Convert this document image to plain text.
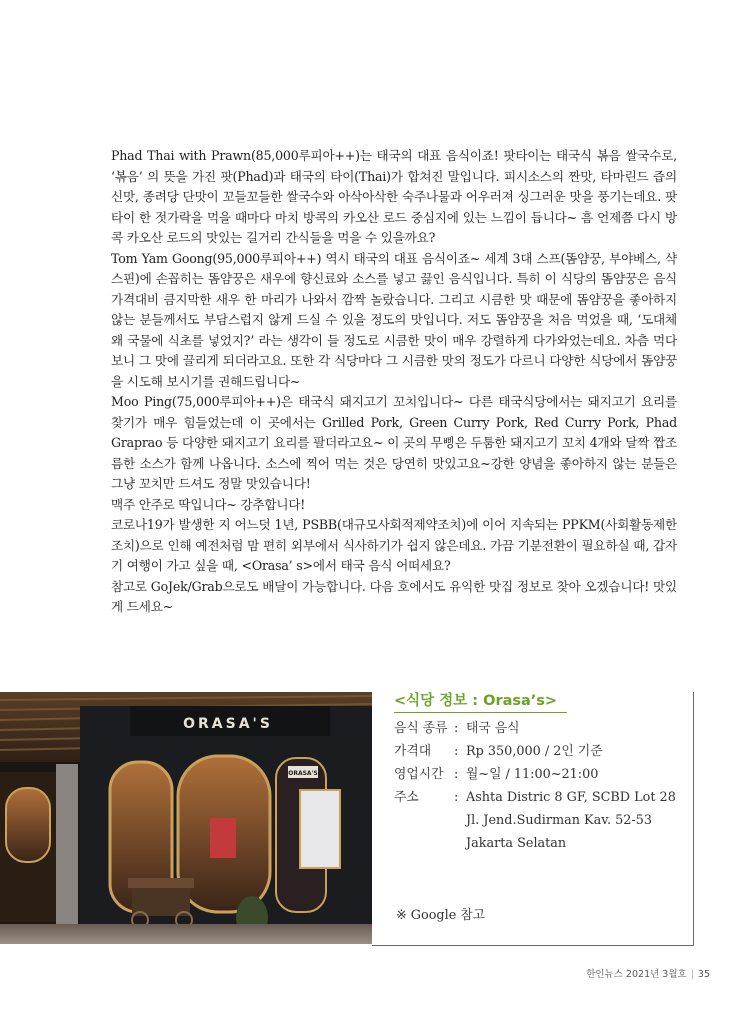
Phad Thai with Prawn(85,000루피아++)는 태국의 대표 음식이죠! 팟타이는 태국식 볶음 쌀국수로, ‘볶음’ 의 뜻을 가진 팟(Phad)과 태국의 타이(Thai)가 합쳐진 말입니다. 피시소스의 짠맛, 타마린드 즙의 신맛, 종려당 단맛이 꼬들꼬들한 쌀국수와 아삭아삭한 숙주나물과 어우러져 싱그러운 맛을 풍기는데요. 팟타이 한 젓가락을 먹을 때마다 마치 방콕의 카오산 로드 중심지에 있는 느낌이 듭니다~ 흠 언제쯤 다시 방콕 카오산 로드의 맛있는 길거리 간식들을 먹을 수 있을까요?

Tom Yam Goong(95,000루피아++) 역시 태국의 대표 음식이죠~ 세계 3대 스프(똠얌꿍, 부야베스, 샥스핀)에 손꼽히는 똠얌꿍은 새우에 향신료와 소스를 넣고 끓인 음식입니다. 특히 이 식당의 똠얌꿍은 음식가격대비 큼지막한 새우 한 마리가 나와서 깜짝 놀랐습니다. 그리고 시큼한 맛 때문에 똠얌꿍을 좋아하지 않는 분들께서도 부담스럽지 않게 드실 수 있을 정도의 맛입니다. 저도 똠얌꿍을 처음 먹었을 때, ‘도대체 왜 국물에 식초를 넣었지?’ 라는 생각이 들 정도로 시큼한 맛이 매우 강렬하게 다가와었는데요. 차츰 먹다보니 그 맛에 끌리게 되더라고요. 또한 각 식당마다 그 시큼한 맛의 정도가 다르니 다양한 식당에서 똠얌꿍을 시도해 보시기를 권해드립니다~

Moo Ping(75,000루피아++)은 태국식 돼지고기 꼬치입니다~ 다른 태국식당에서는 돼지고기 요리를 찾기가 매우 힘들었는데 이 곳에서는 Grilled Pork, Green Curry Pork, Red Curry Pork, Phad Graprao 등 다양한 돼지고기 요리를 팔더라고요~ 이 곳의 무삥은 두툼한 돼지고기 꼬치 4개와 달짝 짭조름한 소스가 함께 나옵니다. 소스에 찍어 먹는 것은 당연히 맛있고요~강한 양념을 좋아하지 않는 분들은 그냥 꼬치만 드셔도 정말 맛있습니다!

맥주 안주로 딱입니다~ 강추합니다!

코로나19가 발생한 지 어느덧 1년, PSBB(대규모사회적제약조치)에 이어 지속되는 PPKM(사회활동제한조치)으로 인해 예전처럼 맘 편히 외부에서 식사하기가 쉽지 않은데요. 가끔 기분전환이 필요하실 때, 갑자기 여행이 가고 싶을 때, <Orasa’ s>에서 태국 음식 어떠세요?

참고로 GoJek/Grab으로도 배달이 가능합니다. 다음 호에서도 유익한 맛집 정보로 찾아 오겠습니다! 맛있게 드세요~

ORASA'S
ORASA'S
<식당 정보 : Orasa’s>
음식 종류 : 태국 음식
가격대	: Rp 350,000 / 2인 기준
영업시간 : 월~일 / 11:00~21:00
주소	: Ashta Distric 8 GF, SCBD Lot 28
Jl. Jend.Sudirman Kav. 52-53
Jakarta Selatan
※ Google 참고
한인뉴스 2021년 3월호 | 35
